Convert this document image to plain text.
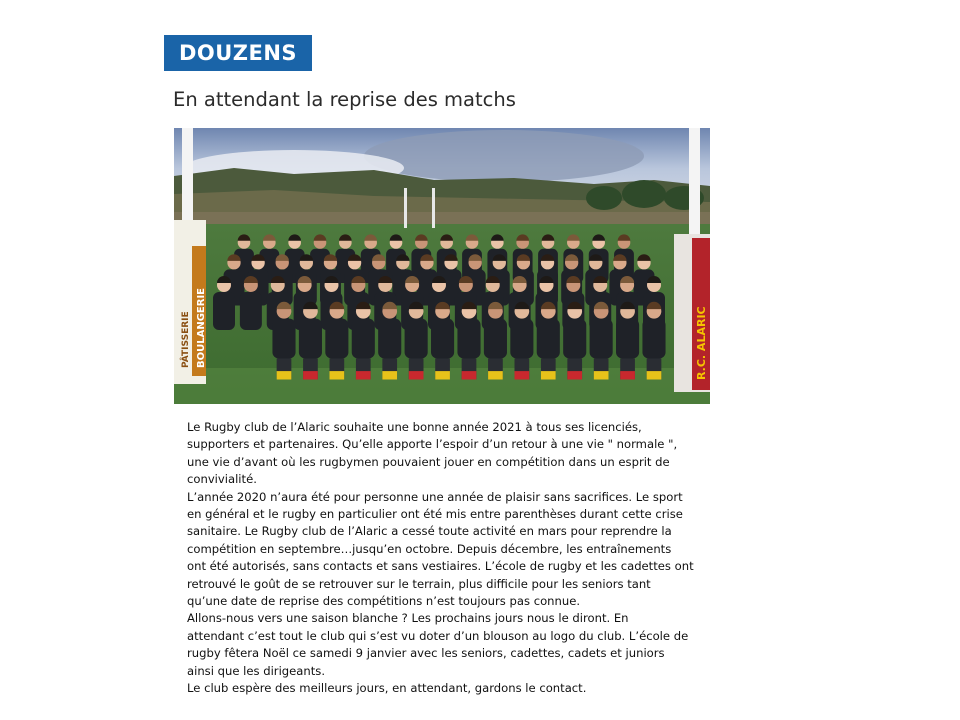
DOUZENS
En attendant la reprise des matchs
BOULANGERIE
PÂTISSERIE	R.C. ALARIC

Le Rugby club de l’Alaric souhaite une bonne année 2021 à tous ses licenciés,

supporters et partenaires. Qu’elle apporte l’espoir d’un retour à une vie " normale ",

une vie d’avant où les rugbymen pouvaient jouer en compétition dans un esprit de

convivialité.

L’année 2020 n’aura été pour personne une année de plaisir sans sacrifices. Le sport

en général et le rugby en particulier ont été mis entre parenthèses durant cette crise

sanitaire. Le Rugby club de l’Alaric a cessé toute activité en mars pour reprendre la

compétition en septembre…jusqu’en octobre. Depuis décembre, les entraînements

ont été autorisés, sans contacts et sans vestiaires. L’école de rugby et les cadettes ont

retrouvé le goût de se retrouver sur le terrain, plus difficile pour les seniors tant

qu’une date de reprise des compétitions n’est toujours pas connue.

Allons-nous vers une saison blanche ? Les prochains jours nous le diront. En

attendant c’est tout le club qui s’est vu doter d’un blouson au logo du club. L’école de

rugby fêtera Noël ce samedi 9 janvier avec les seniors, cadettes, cadets et juniors

ainsi que les dirigeants.

Le club espère des meilleurs jours, en attendant, gardons le contact.
